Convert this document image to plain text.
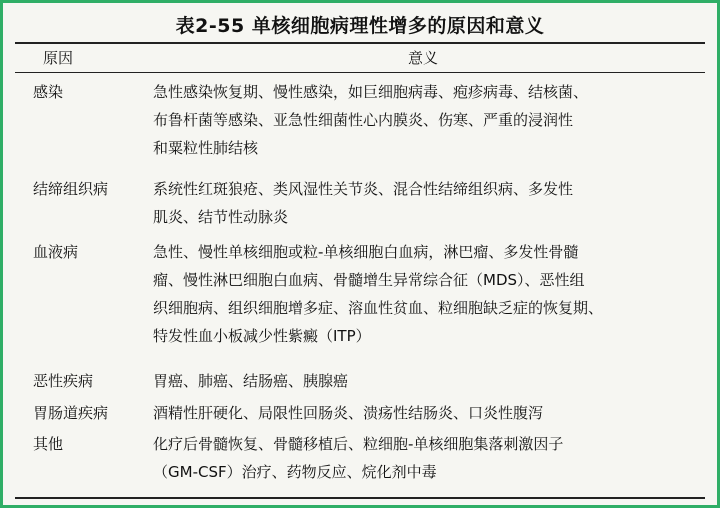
表2-55 单核细胞病理性增多的原因和意义
原因	意义
感染	急性感染恢复期、慢性感染，如巨细胞病毒、疱疹病毒、结核菌、
布鲁杆菌等感染、亚急性细菌性心内膜炎、伤寒、严重的浸润性
和粟粒性肺结核
结缔组织病	系统性红斑狼疮、类风湿性关节炎、混合性结缔组织病、多发性
肌炎、结节性动脉炎
血液病	急性、慢性单核细胞或粒-单核细胞白血病，淋巴瘤、多发性骨髓
瘤、慢性淋巴细胞白血病、骨髓增生异常综合征（MDS）、恶性组
织细胞病、组织细胞增多症、溶血性贫血、粒细胞缺乏症的恢复期、
特发性血小板减少性紫癜（ITP）
恶性疾病	胃癌、肺癌、结肠癌、胰腺癌
胃肠道疾病	酒精性肝硬化、局限性回肠炎、溃疡性结肠炎、口炎性腹泻
其他	化疗后骨髓恢复、骨髓移植后、粒细胞-单核细胞集落刺激因子
（GM-CSF）治疗、药物反应、烷化剂中毒
